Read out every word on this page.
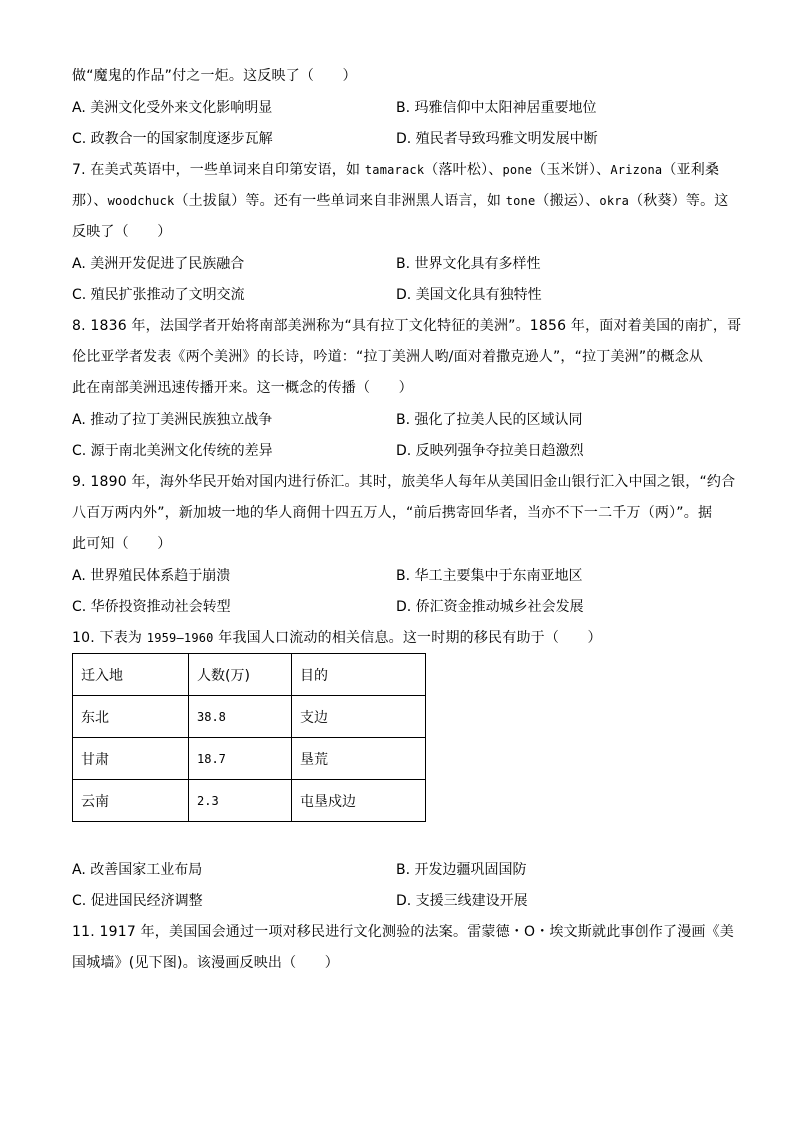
做“魔鬼的作品”付之一炬。这反映了（　　）
A. 美洲文化受外来文化影响明显	B. 玛雅信仰中太阳神居重要地位
C. 政教合一的国家制度逐步瓦解	D. 殖民者导致玛雅文明发展中断
7. 在美式英语中，一些单词来自印第安语，如 tamarack（落叶松）、pone（玉米饼）、Arizona（亚利桑
那）、woodchuck（土拔鼠）等。还有一些单词来自非洲黑人语言，如 tone（搬运）、okra（秋葵）等。这
反映了（　　）
A. 美洲开发促进了民族融合	B. 世界文化具有多样性
C. 殖民扩张推动了文明交流	D. 美国文化具有独特性
8. 1836 年，法国学者开始将南部美洲称为“具有拉丁文化特征的美洲”。1856 年，面对着美国的南扩，哥
伦比亚学者发表《两个美洲》的长诗，吟道：“拉丁美洲人哟/面对着撒克逊人”，“拉丁美洲”的概念从
此在南部美洲迅速传播开来。这一概念的传播（　　）
A. 推动了拉丁美洲民族独立战争	B. 强化了拉美人民的区域认同
C. 源于南北美洲文化传统的差异	D. 反映列强争夺拉美日趋激烈
9. 1890 年，海外华民开始对国内进行侨汇。其时，旅美华人每年从美国旧金山银行汇入中国之银，“约合
八百万两内外”，新加坡一地的华人商佣十四五万人，“前后携寄回华者，当亦不下一二千万（两）”。据
此可知（　　）
A. 世界殖民体系趋于崩溃	B. 华工主要集中于东南亚地区
C. 华侨投资推动社会转型	D. 侨汇资金推动城乡社会发展
10. 下表为 1959—1960 年我国人口流动的相关信息。这一时期的移民有助于（　　）
迁入地	人数(万)	目的
东北	38.8	支边
甘肃	18.7	垦荒
云南	2.3	屯垦戍边
A. 改善国家工业布局	B. 开发边疆巩固国防
C. 促进国民经济调整	D. 支援三线建设开展
11. 1917 年，美国国会通过一项对移民进行文化测验的法案。雷蒙德・O・埃文斯就此事创作了漫画《美
国城墙》(见下图)。该漫画反映出（　　）
